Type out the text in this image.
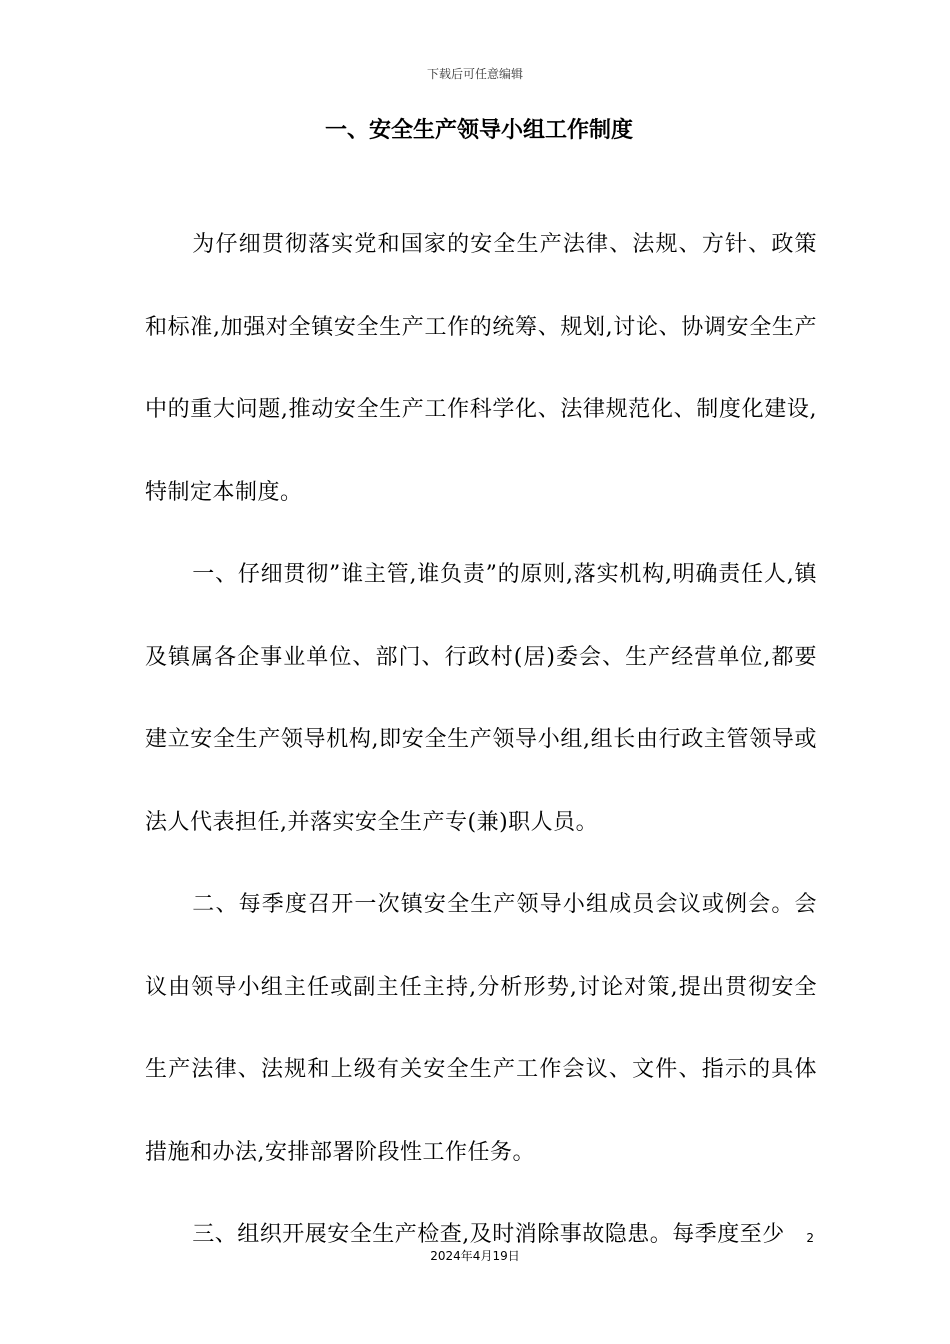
下载后可任意编辑
一、安全生产领导小组工作制度

为仔细贯彻落实党和国家的安全生产法律、法规、方针、政策和标准,加强对全镇安全生产工作的统筹、规划,讨论、协调安全生产中的重大问题,推动安全生产工作科学化、法律规范化、制度化建设,特制定本制度。

一、仔细贯彻”谁主管,谁负责”的原则,落实机构,明确责任人,镇及镇属各企事业单位、部门、行政村(居)委会、生产经营单位,都要建立安全生产领导机构,即安全生产领导小组,组长由行政主管领导或法人代表担任,并落实安全生产专(兼)职人员。

二、每季度召开一次镇安全生产领导小组成员会议或例会。会议由领导小组主任或副主任主持,分析形势,讨论对策,提出贯彻安全生产法律、法规和上级有关安全生产工作会议、文件、指示的具体措施和办法,安排部署阶段性工作任务。

三、组织开展安全生产检查,及时消除事故隐患。每季度至少	2
2024年4月19日
